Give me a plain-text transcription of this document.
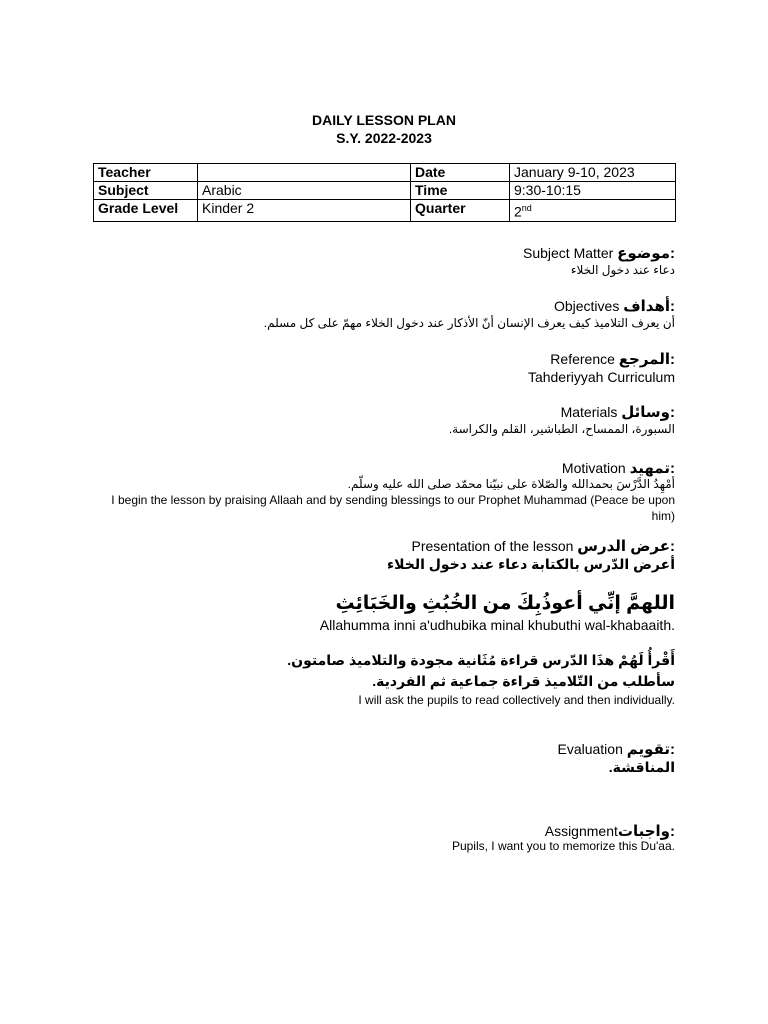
DAILY LESSON PLAN
S.Y. 2022-2023
Teacher		Date	January 9-10, 2023
Subject	Arabic	Time	9:30-10:15
Grade Level	Kinder 2	Quarter	2nd
Subject Matter موضوع:
دعاء عند دخول الخلاء
Objectives أهداف:
أن يعرف التلاميذ كيف يعرف الإنسان أنّ الأذكار عند دخول الخلاء مهمّ على كل مسلم.
Reference المرجع:
Tahderiyyah Curriculum
Materials وسائل:
السبورة، الممساح، الطباشير، القلم والكراسة.
Motivation تمهيد:
أمْهِدُ الدَّرْسَ بحمدالله والصّلاة على نبيّنا محمّد صلى الله عليه وسلّم.
I begin the lesson by praising Allaah and by sending blessings to our Prophet Muhammad (Peace be upon him)
Presentation of the lesson عرض الدرس:
أعرض الدّرس بالكتابة دعاء عند دخول الخلاء
اللهمَّ إنِّي أعوذُبِكَ من الخُبُثِ والخَبَائِثِ
Allahumma inni a'udhubika minal khubuthi wal-khabaaith.
أَقْرأُ لَهُمْ هذَا الدّرس قراءة مُثَانية مجودة والتلاميذ صامتون.
سأطلب من التّلاميذ قراءة جماعية ثم الفردية.
I will ask the pupils to read collectively and then individually.
Evaluation تقويم:
المناقشة.
Assignmentواجبات:
Pupils, I want you to memorize this Du'aa.
